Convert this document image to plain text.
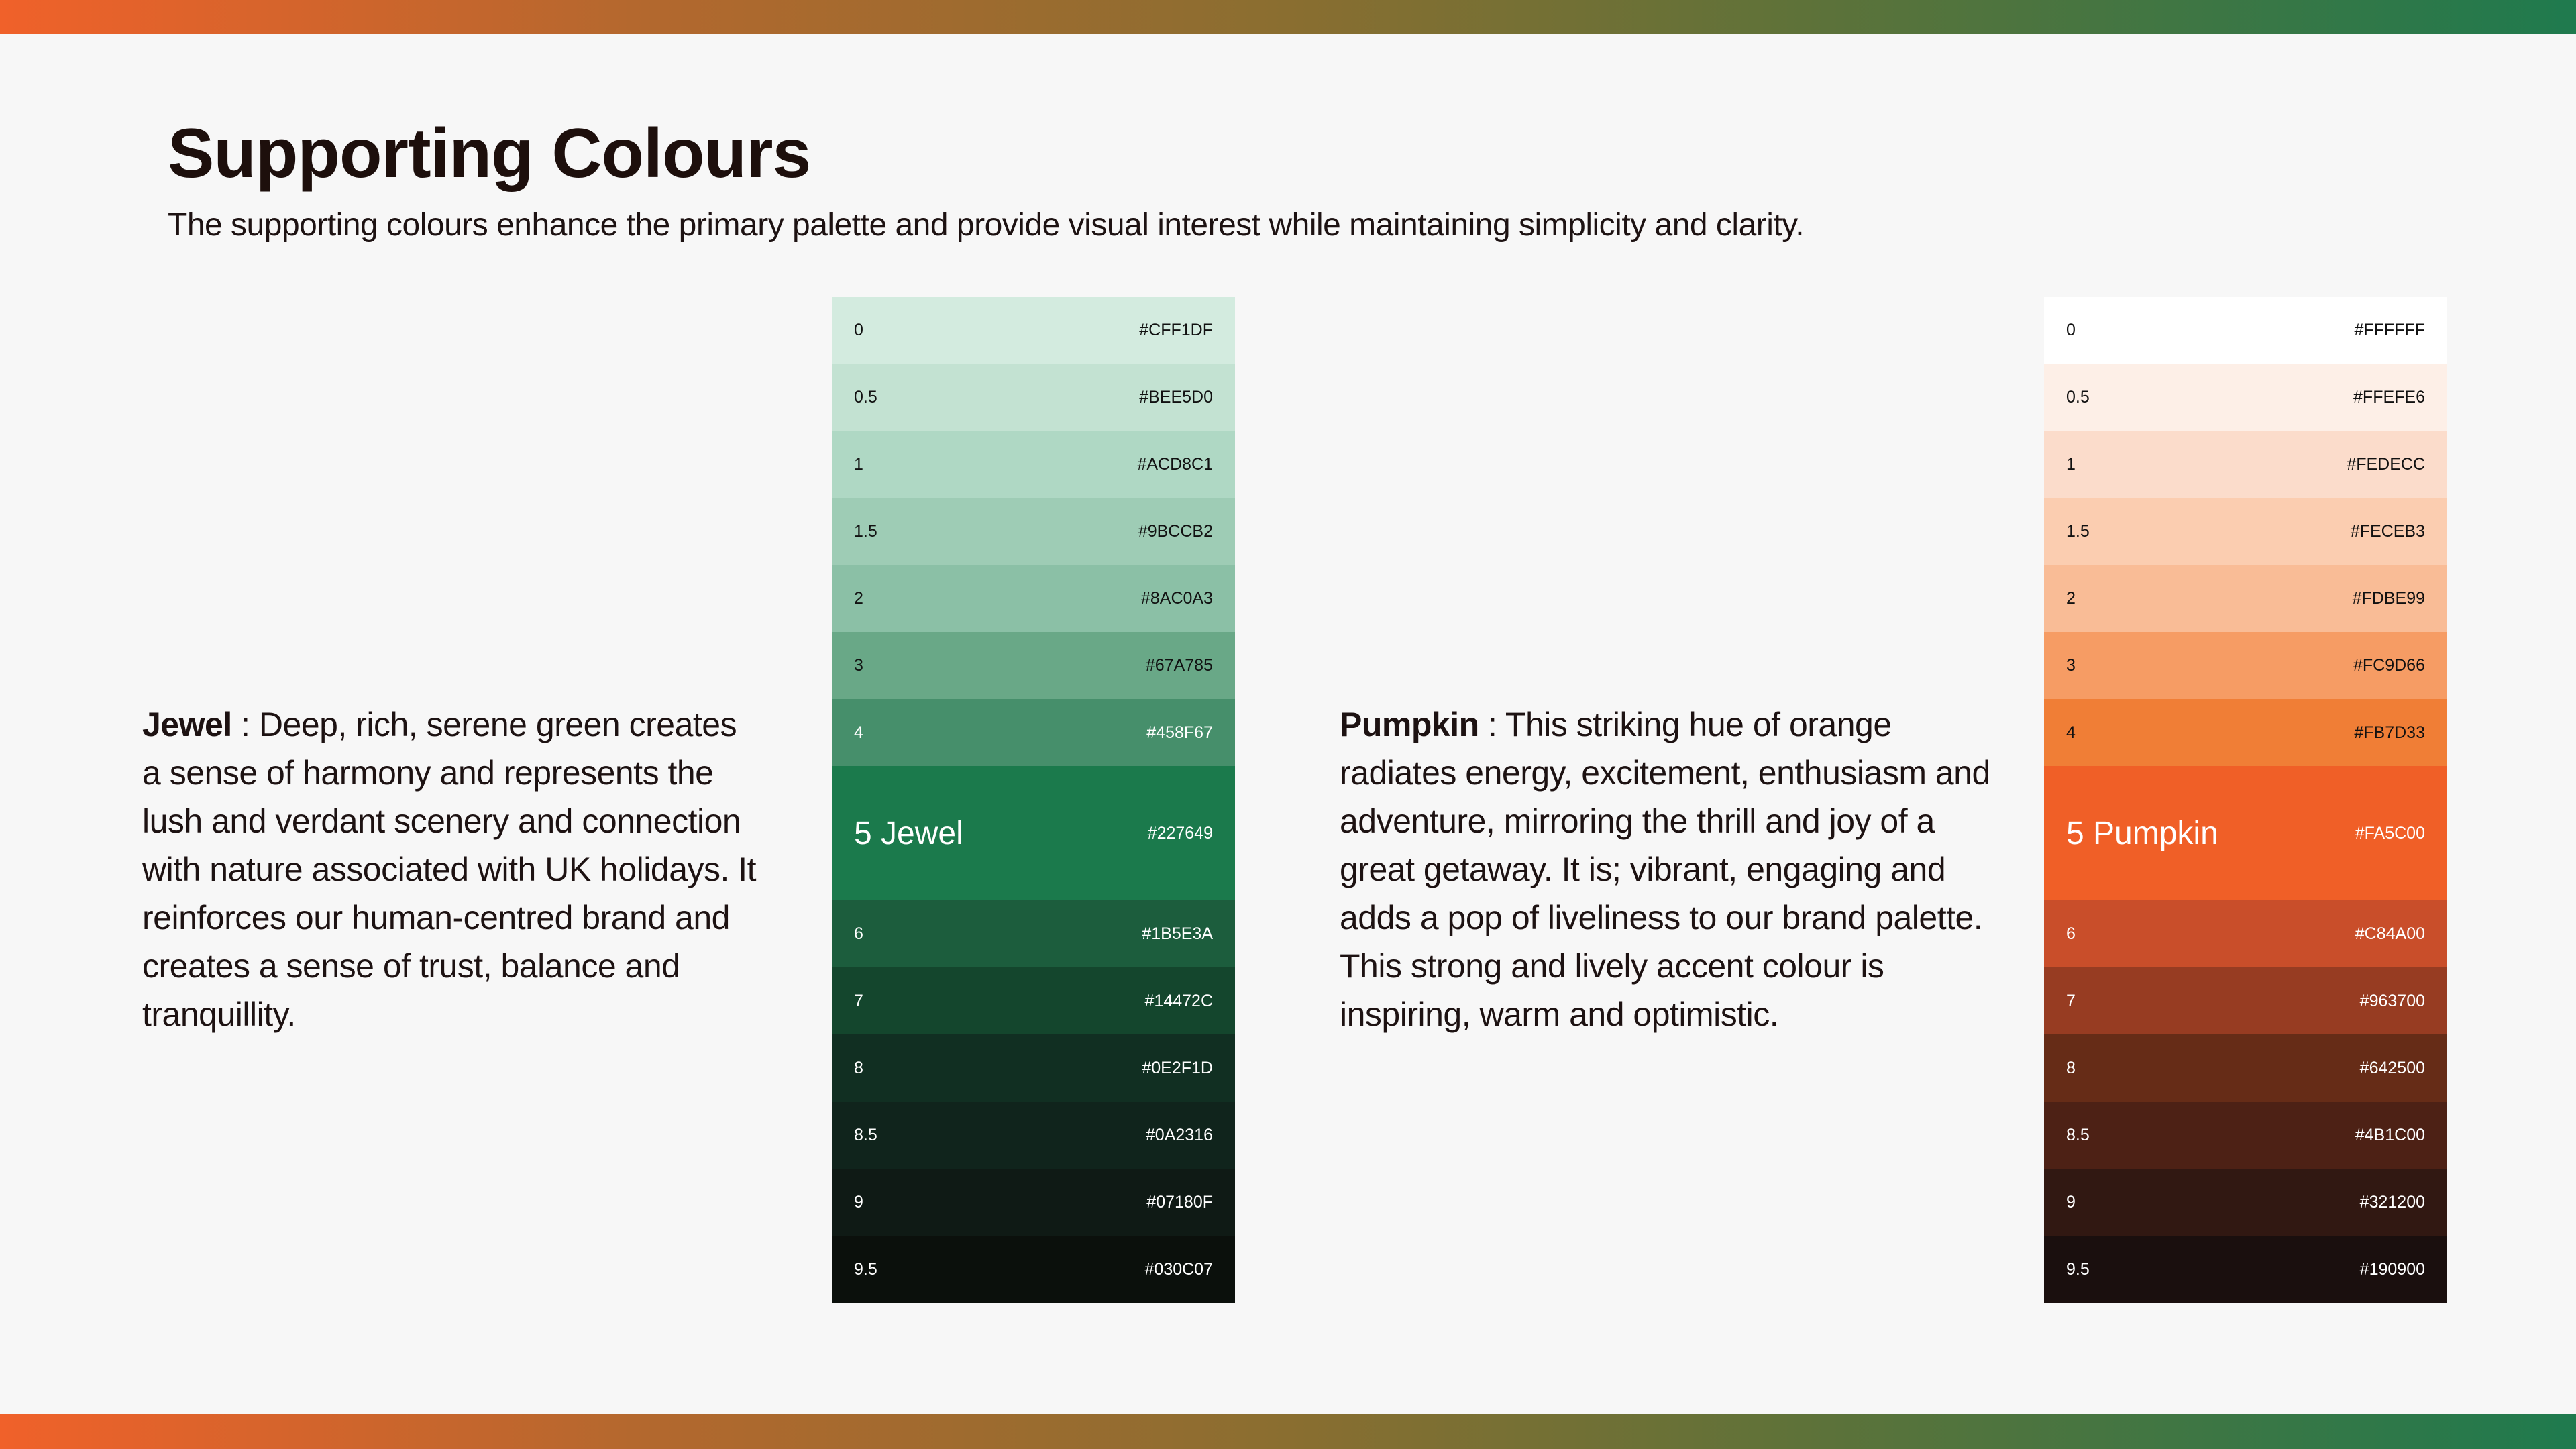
Supporting Colours

The supporting colours enhance the primary palette and provide visual interest while maintaining simplicity and clarity.

Jewel : Deep, rich, serene green creates a sense of harmony and represents the lush and verdant scenery and connection with nature associated with UK holidays. It reinforces our human-centred brand and creates a sense of trust, balance and tranquillity.

0	#CFF1DF
0.5	#BEE5D0
1	#ACD8C1
1.5	#9BCCB2
2	#8AC0A3
3	#67A785
4	#458F67
5 Jewel	#227649
6	#1B5E3A
7	#14472C
8	#0E2F1D
8.5	#0A2316
9	#07180F
9.5	#030C07

Pumpkin : This striking hue of orange radiates energy, excitement, enthusiasm and adventure, mirroring the thrill and joy of a great getaway. It is; vibrant, engaging and adds a pop of liveliness to our brand palette. This strong and lively accent colour is inspiring, warm and optimistic.

0	#FFFFFF
0.5	#FFEFE6
1	#FEDECC
1.5	#FECEB3
2	#FDBE99
3	#FC9D66
4	#FB7D33
5 Pumpkin	#FA5C00
6	#C84A00
7	#963700
8	#642500
8.5	#4B1C00
9	#321200
9.5	#190900
